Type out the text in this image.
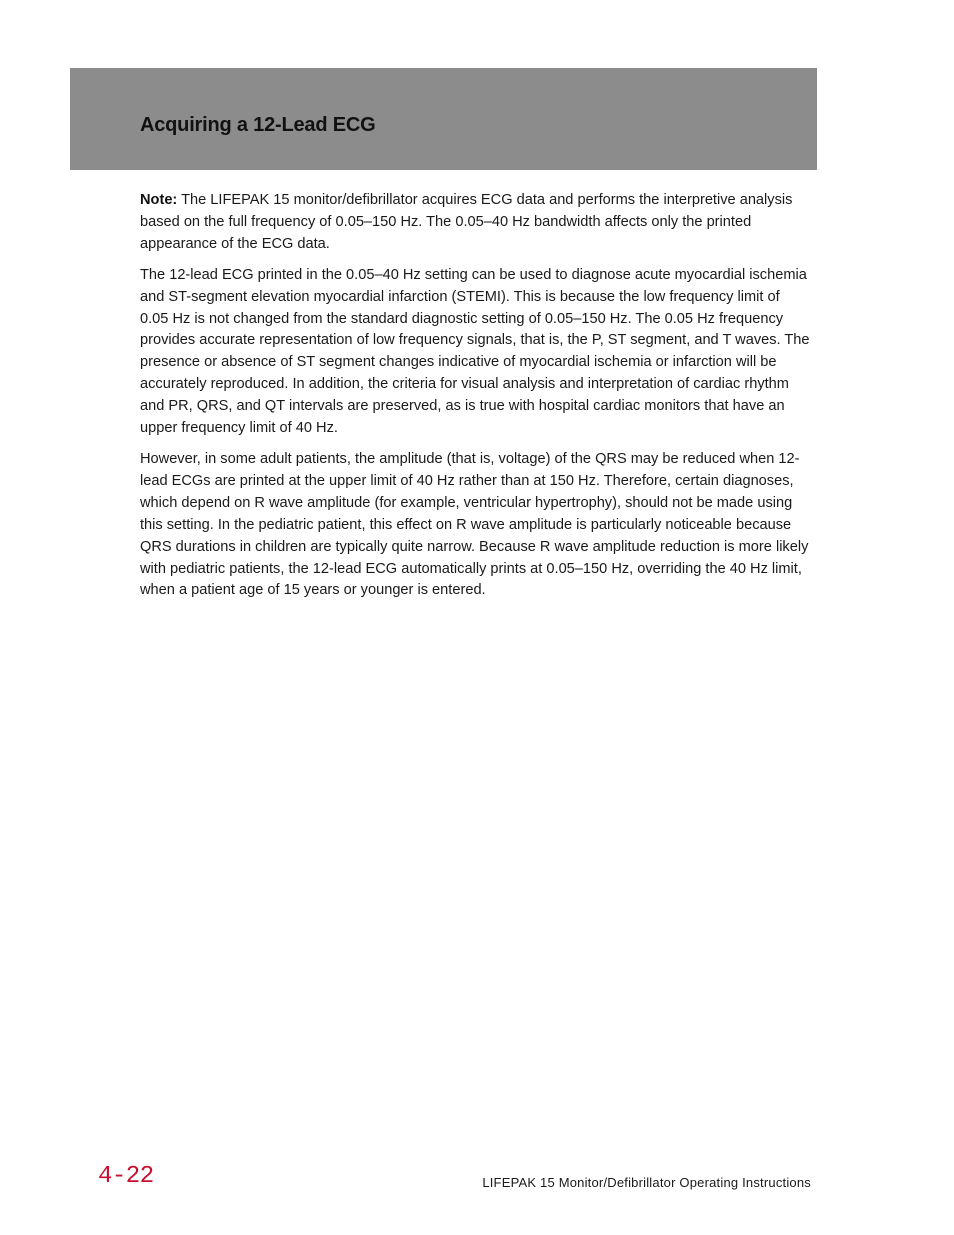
Acquiring a 12-Lead ECG

Note: The LIFEPAK 15 monitor/defibrillator acquires ECG data and performs the interpretive analysis based on the full frequency of 0.05–150 Hz. The 0.05–40 Hz bandwidth affects only the printed appearance of the ECG data.

The 12-lead ECG printed in the 0.05–40 Hz setting can be used to diagnose acute myocardial ischemia and ST-segment elevation myocardial infarction (STEMI). This is because the low frequency limit of 0.05 Hz is not changed from the standard diagnostic setting of 0.05–150 Hz. The 0.05 Hz frequency provides accurate representation of low frequency signals, that is, the P, ST segment, and T waves. The presence or absence of ST segment changes indicative of myocardial ischemia or infarction will be accurately reproduced. In addition, the criteria for visual analysis and interpretation of cardiac rhythm and PR, QRS, and QT intervals are preserved, as is true with hospital cardiac monitors that have an upper frequency limit of 40 Hz.

However, in some adult patients, the amplitude (that is, voltage) of the QRS may be reduced when 12-lead ECGs are printed at the upper limit of 40 Hz rather than at 150 Hz. Therefore, certain diagnoses, which depend on R wave amplitude (for example, ventricular hypertrophy), should not be made using this setting. In the pediatric patient, this effect on R wave amplitude is particularly noticeable because QRS durations in children are typically quite narrow. Because R wave amplitude reduction is more likely with pediatric patients, the 12-lead ECG automatically prints at 0.05–150 Hz, overriding the 40 Hz limit, when a patient age of 15 years or younger is entered.

4-22	LIFEPAK 15 Monitor/Defibrillator Operating Instructions
